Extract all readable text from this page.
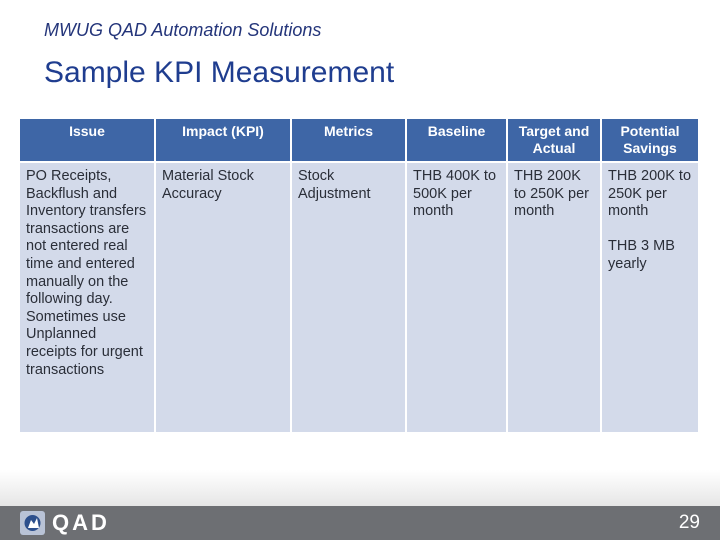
MWUG QAD Automation Solutions
Sample KPI Measurement
Issue	Impact (KPI)	Metrics	Baseline	Target and Actual	Potential Savings
PO Receipts, Backflush and Inventory transfers transactions are not entered real time and entered manually on the following day. Sometimes use Unplanned receipts for urgent transactions	Material Stock Accuracy	Stock Adjustment	THB 400K to 500K per month	THB 200K to 250K per month	THB 200K to 250K per month
THB 3 MB yearly
QAD	29
